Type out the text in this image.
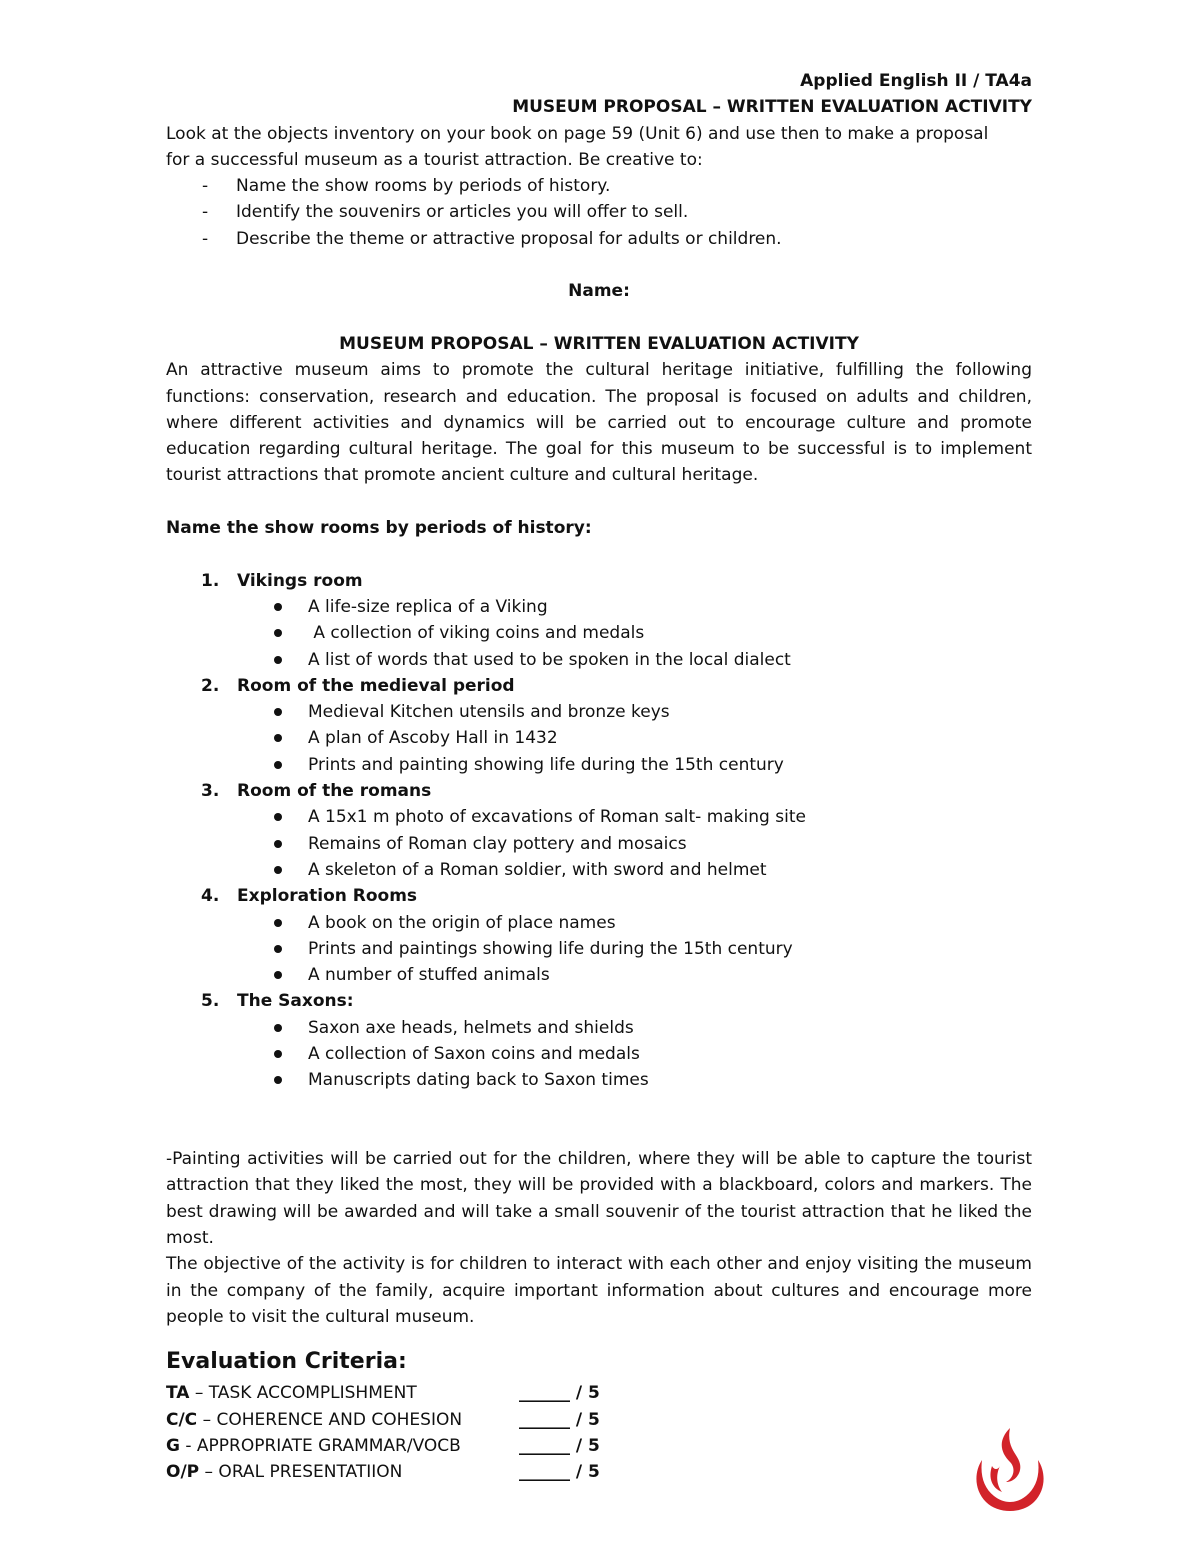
Applied English II / TA4a
MUSEUM PROPOSAL – WRITTEN EVALUATION ACTIVITY
Look at the objects inventory on your book on page 59 (Unit 6) and use then to make a proposal
for a successful museum as a tourist attraction. Be creative to:
- Name the show rooms by periods of history.
- Identify the souvenirs or articles you will offer to sell.
- Describe the theme or attractive proposal for adults or children.
Name:
MUSEUM PROPOSAL – WRITTEN EVALUATION ACTIVITY
An attractive museum aims to promote the cultural heritage initiative, fulfilling the following functions: conservation, research and education. The proposal is focused on adults and children, where different activities and dynamics will be carried out to encourage culture and promote education regarding cultural heritage. The goal for this museum to be successful is to implement tourist attractions that promote ancient culture and cultural heritage.
Name the show rooms by periods of history:
1. Vikings room
A life-size replica of a Viking
A collection of viking coins and medals
A list of words that used to be spoken in the local dialect
2. Room of the medieval period
Medieval Kitchen utensils and bronze keys
A plan of Ascoby Hall in 1432
Prints and painting showing life during the 15th century
3. Room of the romans
A 15x1 m photo of excavations of Roman salt- making site
Remains of Roman clay pottery and mosaics
A skeleton of a Roman soldier, with sword and helmet
4. Exploration Rooms
A book on the origin of place names
Prints and paintings showing life during the 15th century
A number of stuffed animals
5. The Saxons:
Saxon axe heads, helmets and shields
A collection of Saxon coins and medals
Manuscripts dating back to Saxon times
-Painting activities will be carried out for the children, where they will be able to capture the tourist attraction that they liked the most, they will be provided with a blackboard, colors and markers. The best drawing will be awarded and will take a small souvenir of the tourist attraction that he liked the most.
The objective of the activity is for children to interact with each other and enjoy visiting the museum in the company of the family, acquire important information about cultures and encourage more people to visit the cultural museum.
Evaluation Criteria:
TA – TASK ACCOMPLISHMENT	______ / 5
C/C – COHERENCE AND COHESION	______ / 5
G - APPROPRIATE GRAMMAR/VOCB	______ / 5
O/P – ORAL PRESENTATIION	______ / 5
